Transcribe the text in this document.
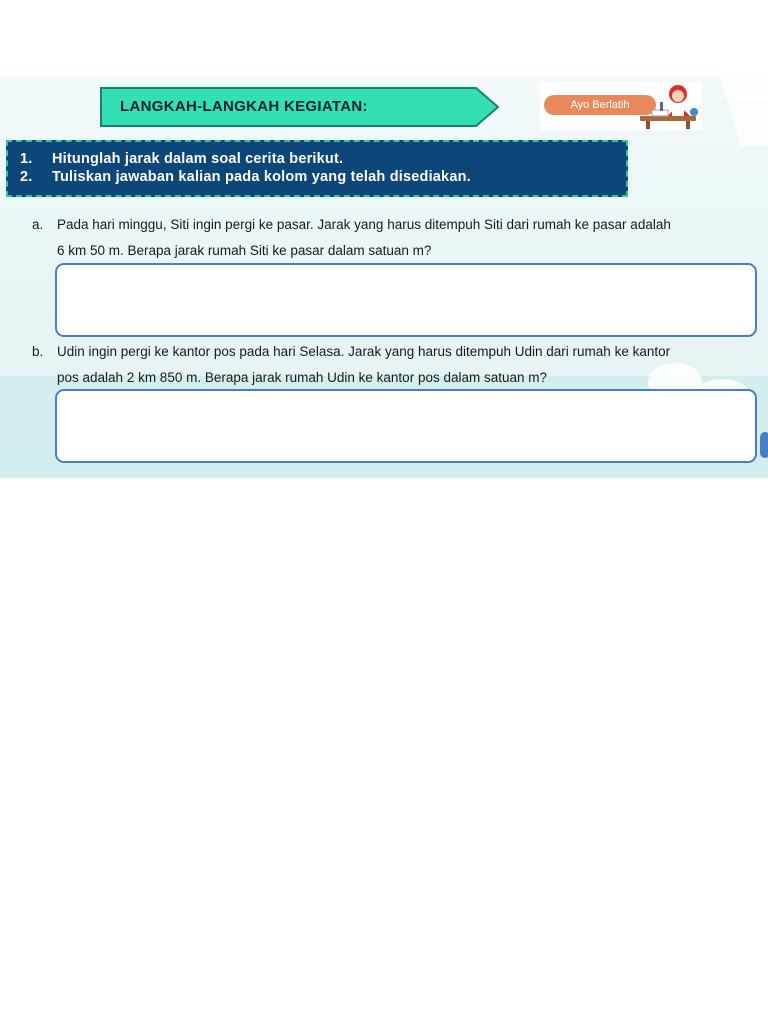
LANGKAH-LANGKAH KEGIATAN:	Ayo Berlatih
1.	Hitunglah jarak dalam soal cerita berikut.
2.	Tuliskan jawaban kalian pada kolom yang telah disediakan.
a. Pada hari minggu, Siti ingin pergi ke pasar. Jarak yang harus ditempuh Siti dari rumah ke pasar adalah
6 km 50 m. Berapa jarak rumah Siti ke pasar dalam satuan m?
b. Udin ingin pergi ke kantor pos pada hari Selasa. Jarak yang harus ditempuh Udin dari rumah ke kantor
pos adalah 2 km 850 m. Berapa jarak rumah Udin ke kantor pos dalam satuan m?
